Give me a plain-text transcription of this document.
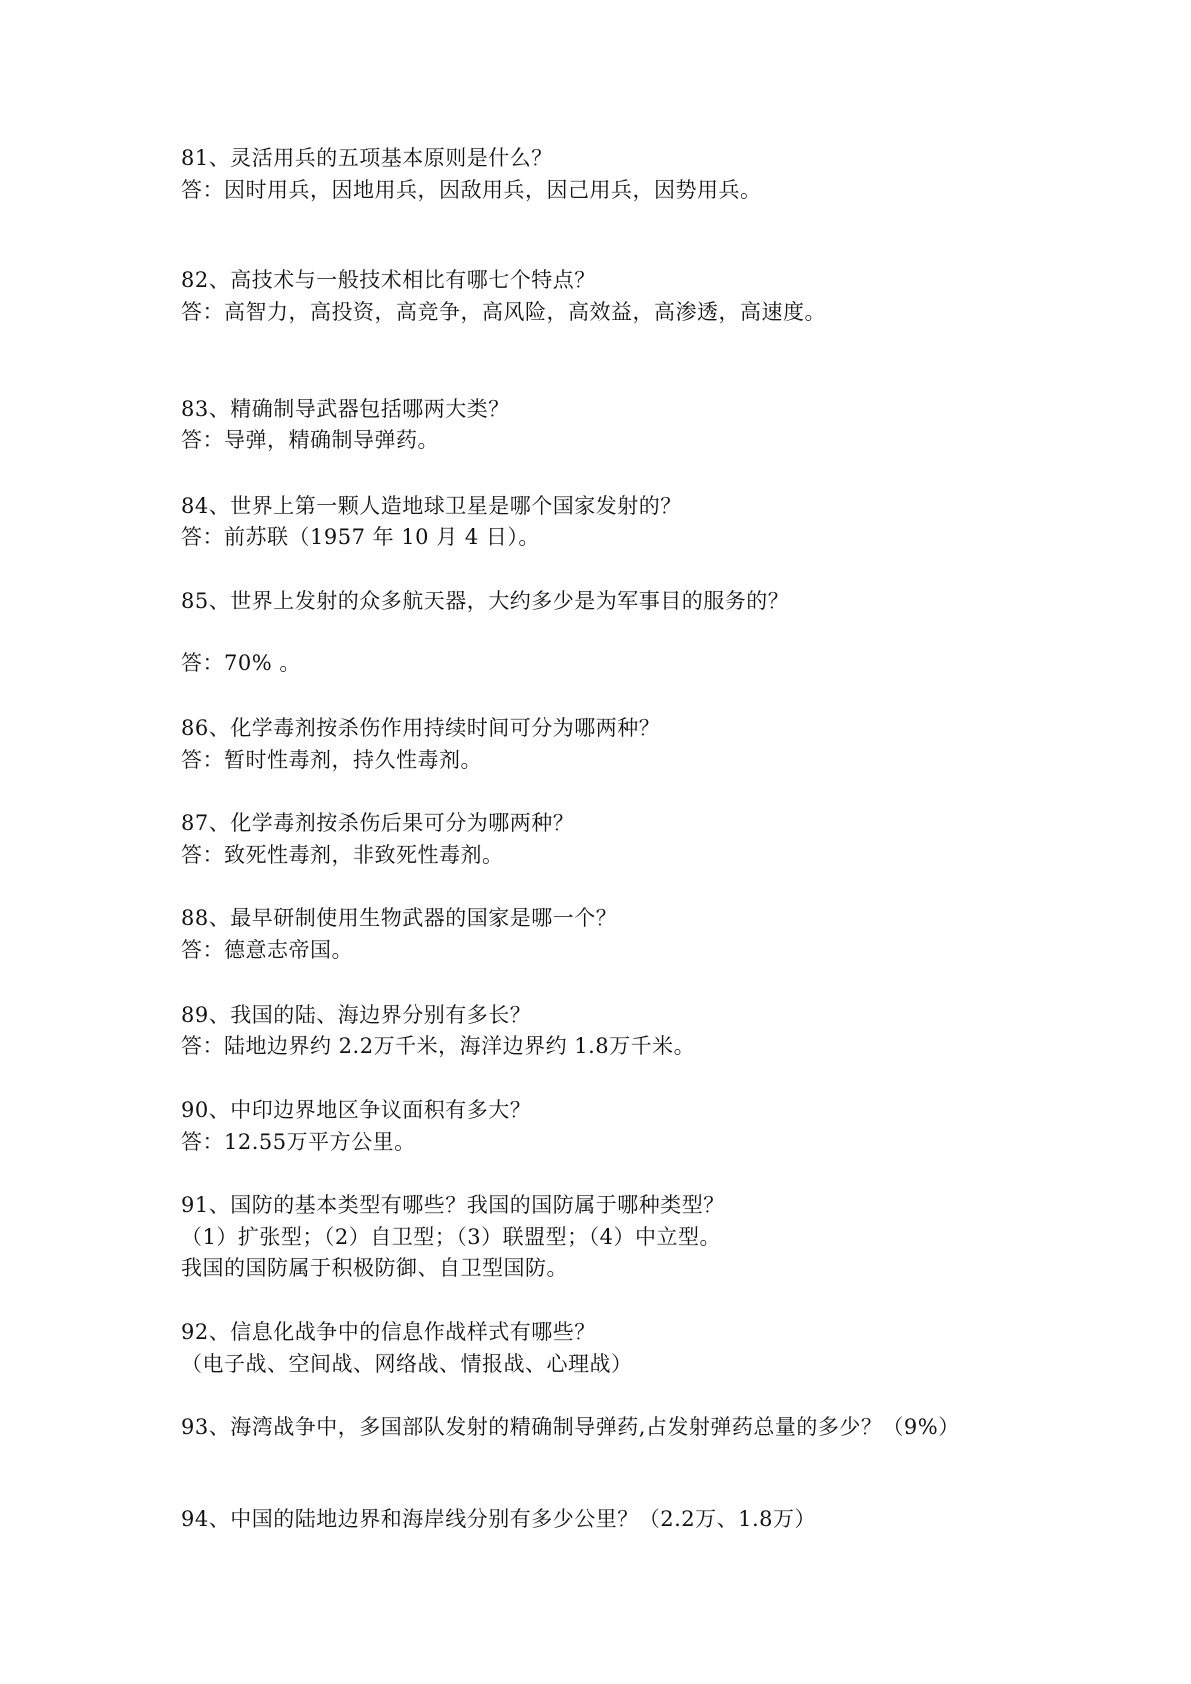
81、灵活用兵的五项基本原则是什么？
答：因时用兵，因地用兵，因敌用兵，因己用兵，因势用兵。
82、高技术与一般技术相比有哪七个特点？
答：高智力，高投资，高竞争，高风险，高效益，高渗透，高速度。
83、精确制导武器包括哪两大类？
答：导弹，精确制导弹药。
84、世界上第一颗人造地球卫星是哪个国家发射的？
答：前苏联（1957 年 10 月 4 日）。
85、世界上发射的众多航天器，大约多少是为军事目的服务的？
答：70% 。
86、化学毒剂按杀伤作用持续时间可分为哪两种？
答：暂时性毒剂，持久性毒剂。
87、化学毒剂按杀伤后果可分为哪两种？
答：致死性毒剂，非致死性毒剂。
88、最早研制使用生物武器的国家是哪一个？
答：德意志帝国。
89、我国的陆、海边界分别有多长？
答：陆地边界约 2.2万千米，海洋边界约 1.8万千米。
90、中印边界地区争议面积有多大？
答：12.55万平方公里。
91、国防的基本类型有哪些？我国的国防属于哪种类型？
（1）扩张型；（2）自卫型；（3）联盟型；（4）中立型。
我国的国防属于积极防御、自卫型国防。
92、信息化战争中的信息作战样式有哪些？
（电子战、空间战、网络战、情报战、心理战）
93、海湾战争中，多国部队发射的精确制导弹药,占发射弹药总量的多少？（9%）
94、中国的陆地边界和海岸线分别有多少公里？（2.2万、1.8万）
